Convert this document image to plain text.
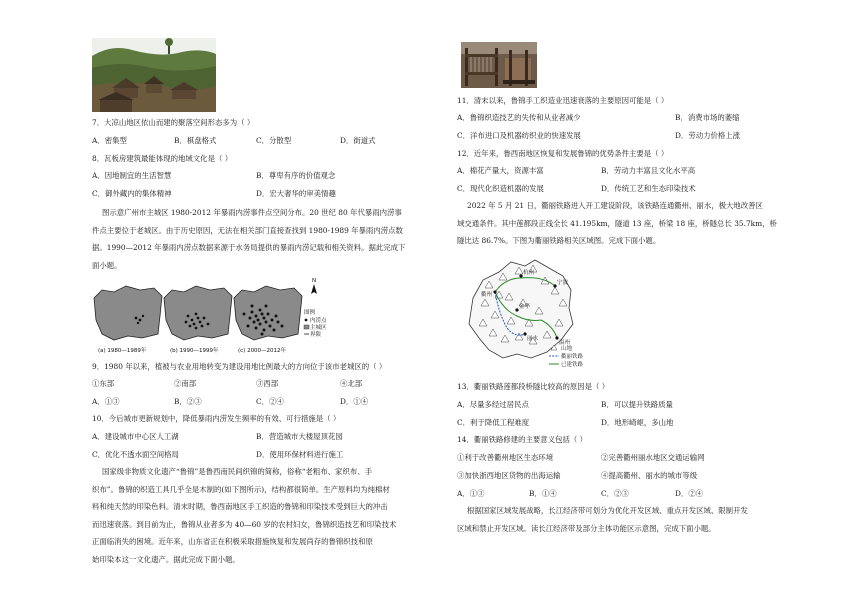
7．大凉山地区依山而建的聚落空间形态多为（ ）
A．密集型	B．棋盘格式	C．分散型	D．街道式
8．瓦板房建筑最能体现的地域文化是（ ）
A．因地制宜的生活智慧	B．尊卑有序的价值观念
C．御外藏内的集体精神	D．宏大奢华的审美情趣
图示意广州市主城区 1980-2012 年暴雨内涝事件点空间分布。20 世纪 80 年代暴雨内涝事
件点主要位于老城区。由于历史原因，无法在相关部门直接查找到 1980-1989 年暴雨内涝点数
据。1990—2012 年暴雨内涝点数据来源于水务局提供的暴雨内涝记载和相关资料。据此完成下
面小题。
N
图例
内涝点
主城区
界限
(a) 1980—1989年	(b) 1990—1999年	(c) 2000—2012年
9．1980 年以来，植被与农业用地转变为建设用地比例最大的方向位于该市老城区的（ ）
①东部	②南部	③西部	④北部
A．①③	B．②③	C．②④	D．①④
10．今后城市更新规划中，降低暴雨内涝发生频率的有效、可行措施是（ ）
A．建设城市中心区人工湖	B．营造城市大楼屋顶花园
C．优化不透水面空间格局	D．使用环保材料进行施工
国家级非物质文化遗产“鲁锦”是鲁西南民间织锦的简称，俗称“老粗布、家织布、手
织布”。鲁锦的织造工具几乎全是木制的(如下图所示)，结构都很简单。生产原料均为纯棉材
料和纯天然的印染色料。清末时期，鲁西南地区手工织造的鲁锦和印染技术受到巨大的冲击
而迅速衰落。到目前为止，鲁锦从业者多为 40—60 岁的农村妇女，鲁锦织造技艺和印染技术
正面临消失的困境。近年来，山东省正在积极采取措施恢复和发展尚存的鲁锦织技和原
始印染本这一文化遗产。据此完成下面小题。
11．清末以来，鲁锦手工织造业迅速衰落的主要原因可能是（ ）
A．鲁锦织造技艺的失传和从业者减少	B．消费市场的萎缩
C．洋布进口及机器纺织业的快速发展	D．劳动力价格上涨
12．近年来，鲁西南地区恢复和发展鲁锦的优势条件主要是（ ）
A．棉花产量大，资源丰富	B．劳动力丰富且文化水平高
C．现代化织造机器的发展	D．传统工艺和生态印染技术
2022 年 5 月 21 日，衢丽铁路进入开工建设阶段，该铁路连通衢州、丽水，极大地改善区
域交通条件。其中莲都段正线全长 41.195km，隧道 13 座，桥梁 18 座，桥隧总长 35.7km，桥
隧比达 86.7%。下图为衢丽铁路相关区域图。完成下面小题。
杭州
宁波
衢州
丽水
温州
金华
山地
衢丽铁路
已建铁路
13．衢丽铁路莲都段桥隧比较高的原因是（ ）
A．尽量多经过居民点	B．可以提升铁路质量
C．利于降低工程难度	D．地形崎岖，多山地
14．衢丽铁路修建的主要意义包括（ ）
①利于改善衢州地区生态环境	②完善衢州丽水地区交通运输网
③加快浙西地区货物的出海运输	④提高衢州、丽水的城市等级
A．①③	B．①④	C．②③	D．②④
根据国家区域发展战略，长江经济带可划分为优化开发区域、重点开发区域、限制开发
区域和禁止开发区域。读长江经济带及部分主体功能区示意图，完成下面小题。
